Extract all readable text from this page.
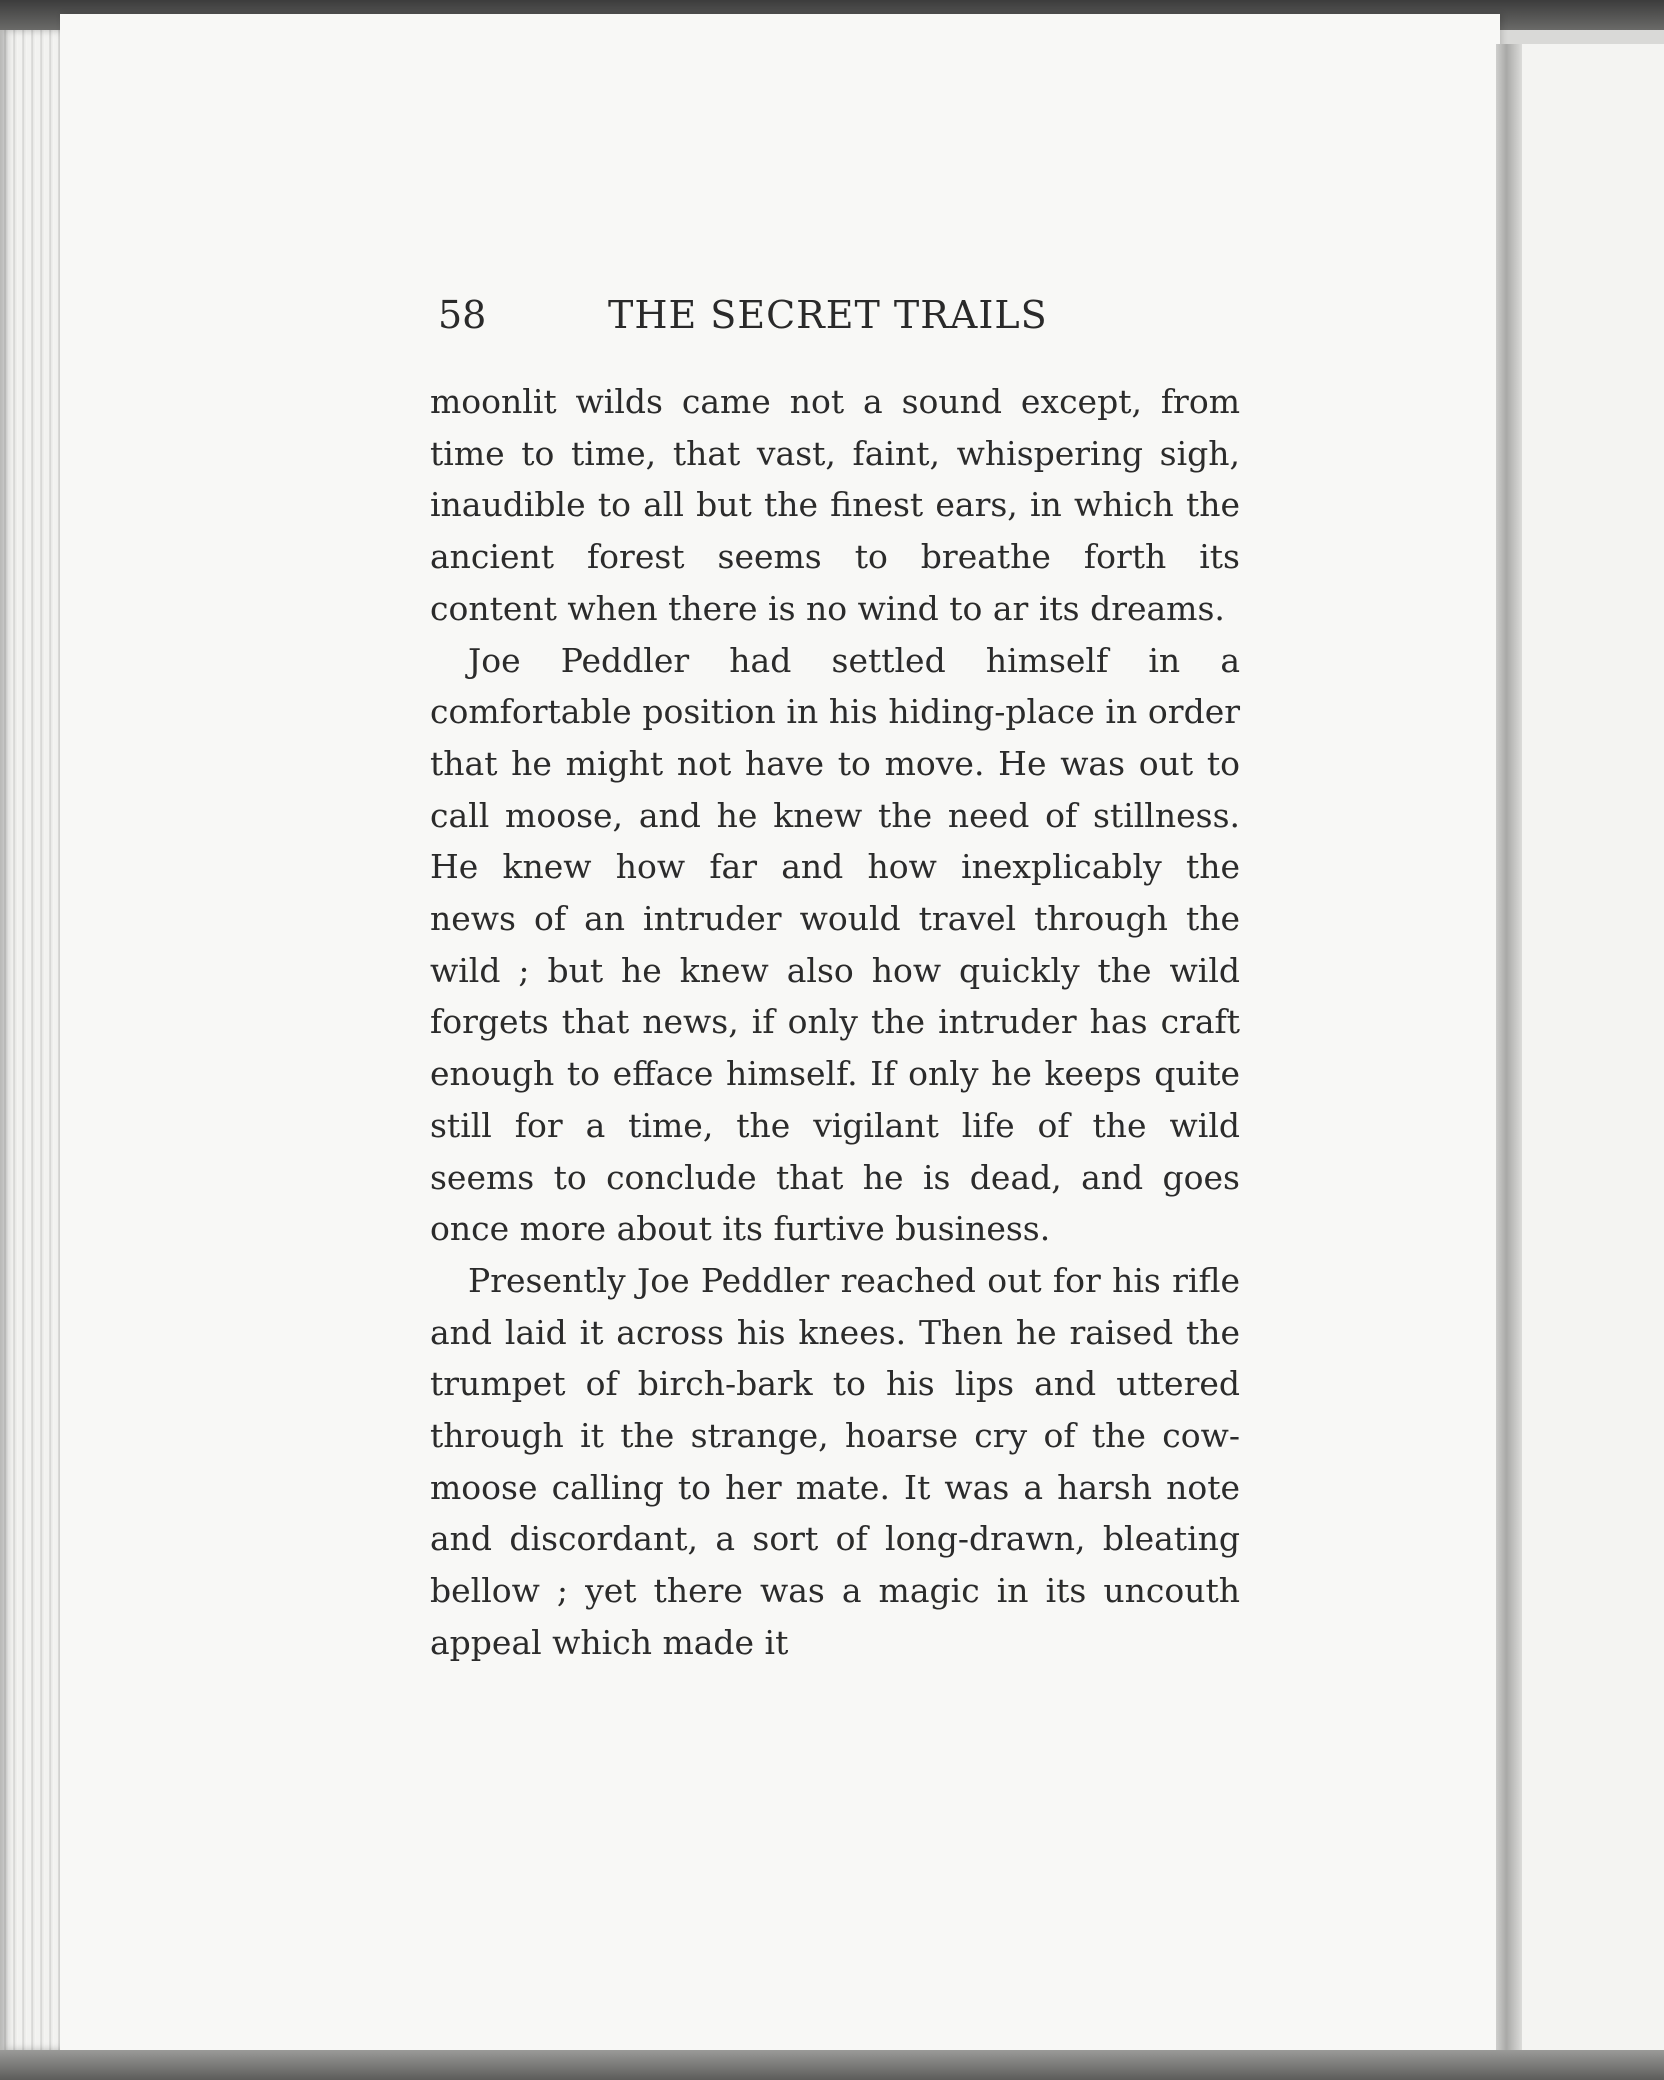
58	THE SECRET TRAILS

moonlit wilds came not a sound except, from time to time, that vast, faint, whispering sigh, inaudible to all but the finest ears, in which the ancient forest seems to breathe forth its content when there is no wind to ar its dreams.

Joe Peddler had settled himself in a comfortable position in his hiding-place in order that he might not have to move. He was out to call moose, and he knew the need of stillness. He knew how far and how inexplicably the news of an intruder would travel through the wild ; but he knew also how quickly the wild forgets that news, if only the intruder has craft enough to efface himself. If only he keeps quite still for a time, the vigilant life of the wild seems to conclude that he is dead, and goes once more about its furtive business.

Presently Joe Peddler reached out for his rifle and laid it across his knees. Then he raised the trumpet of birch-bark to his lips and uttered through it the strange, hoarse cry of the cow-moose calling to her mate. It was a harsh note and discordant, a sort of long-drawn, bleating bellow ; yet there was a magic in its uncouth appeal which made it
